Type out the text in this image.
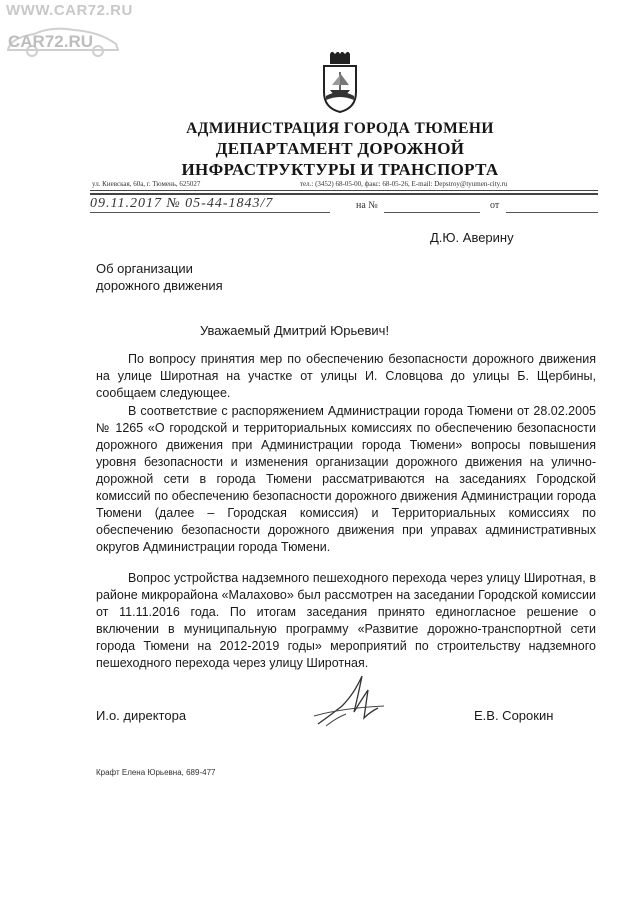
WWW.CAR72.RU
CAR72.RU
АДМИНИСТРАЦИЯ ГОРОДА ТЮМЕНИ
ДЕПАРТАМЕНТ ДОРОЖНОЙ
ИНФРАСТРУКТУРЫ И ТРАНСПОРТА
ул. Киевская, 60а, г. Тюмень, 625027	тел.: (3452) 68-05-00, факс: 68-05-26, E-mail: Depstroy@tyumen-city.ru
09.11.2017 № 05-44-1843/7	на №	от
Д.Ю. Аверину
Об организации
дорожного движения
Уважаемый Дмитрий Юрьевич!

По вопросу принятия мер по обеспечению безопасности дорожного движения на улице Широтная на участке от улицы И. Словцова до улицы Б. Щербины, сообщаем следующее.

В соответствие с распоряжением Администрации города Тюмени от 28.02.2005 № 1265 «О городской и территориальных комиссиях по обеспечению безопасности дорожного движения при Администрации города Тюмени» вопросы повышения уровня безопасности и изменения организации дорожного движения на улично-дорожной сети в города Тюмени рассматриваются на заседаниях Городской комиссий по обеспечению безопасности дорожного движения Администрации города Тюмени (далее – Городская комиссия) и Территориальных комиссиях по обеспечению безопасности дорожного движения при управах административных округов Администрации города Тюмени.

Вопрос устройства надземного пешеходного перехода через улицу Широтная, в районе микрорайона «Малахово» был рассмотрен на заседании Городской комиссии от 11.11.2016 года. По итогам заседания принято единогласное решение о включении в муниципальную программу «Развитие дорожно-транспортной сети города Тюмени на 2012-2019 годы» мероприятий по строительству надземного пешеходного перехода через улицу Широтная.

И.о. директора	Е.В. Сорокин
Крафт Елена Юрьевна, 689-477
